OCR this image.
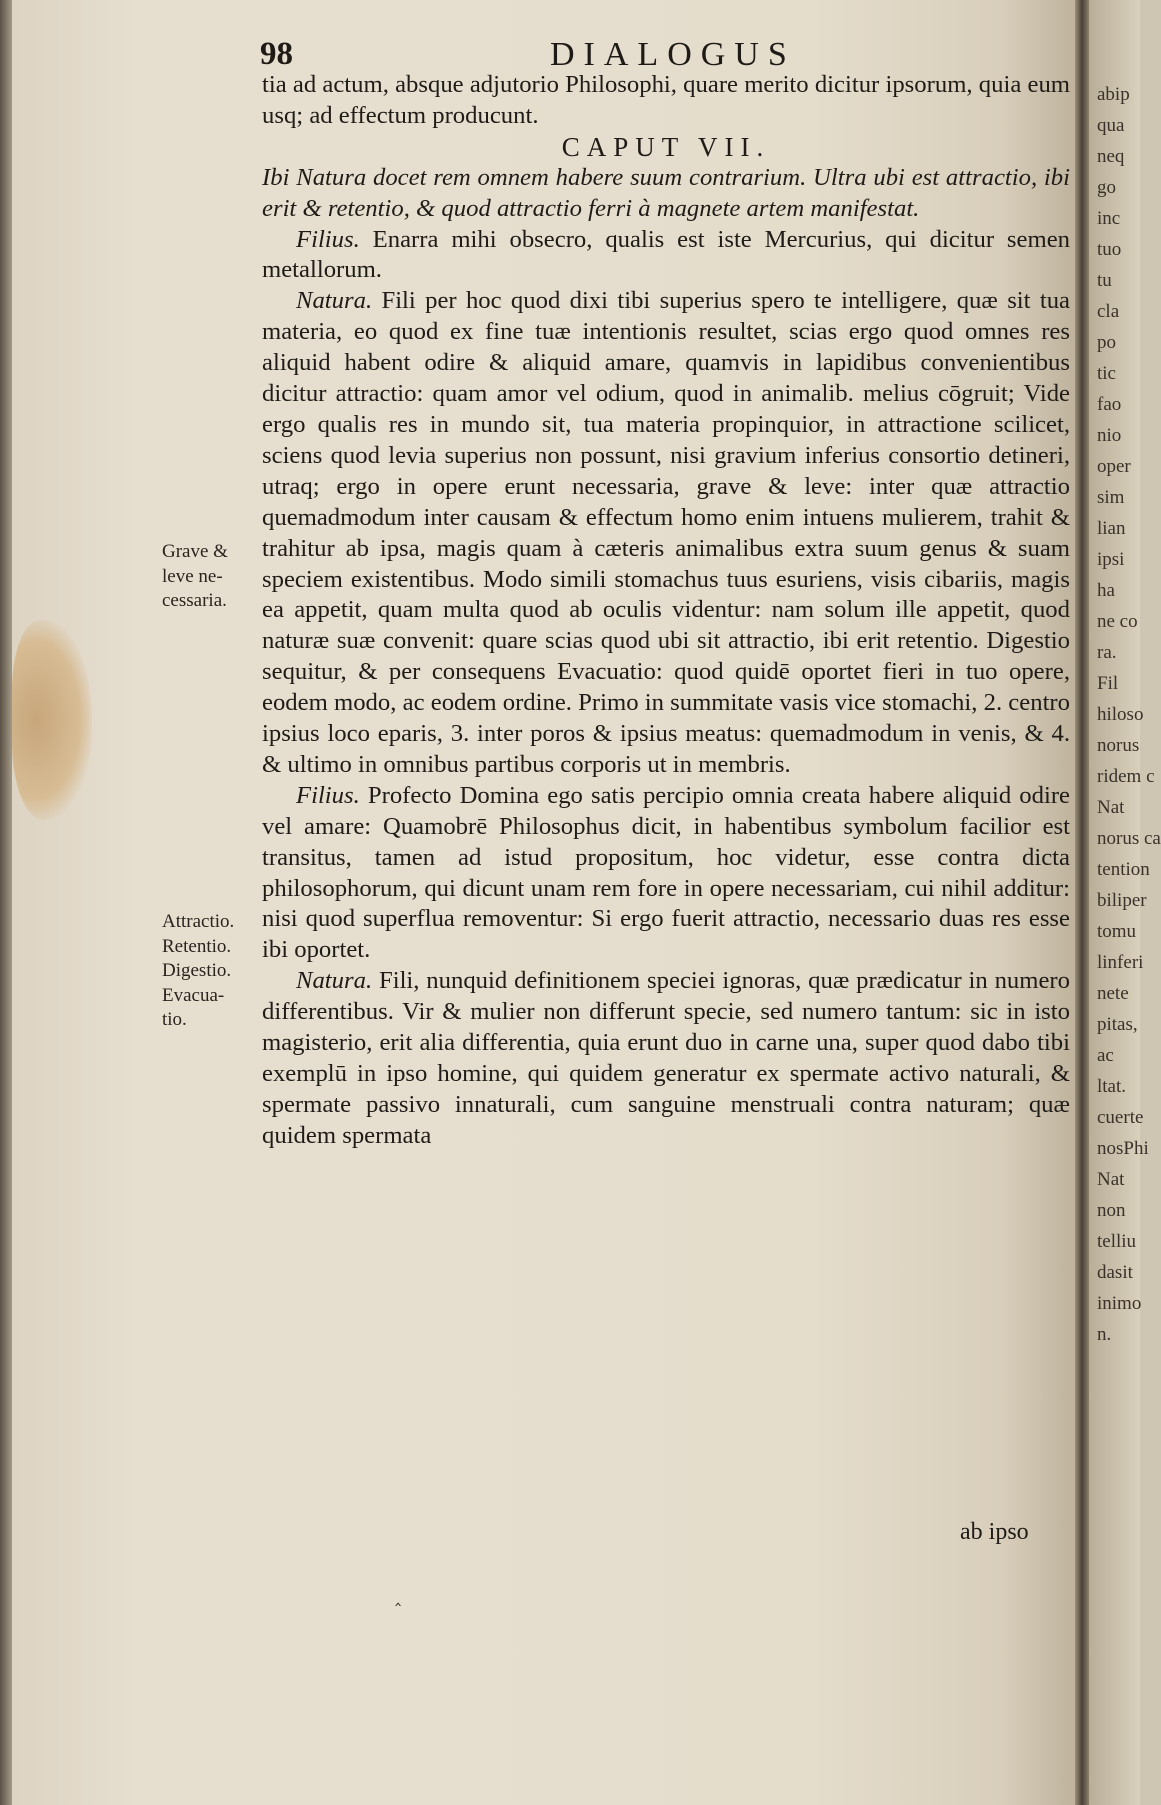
abip
qua
neq
go
inc
tuo
tu
cla
po
tic
fao
nio
oper
sim
lian
ipsi
ha
ne co
ra.
Fil
hiloso
norus
ridem c
Nat
norus ca
tention
biliper
tomu
linferi
nete
pitas,
ac
ltat.
cuerte
nosPhi
Nat
non
telliu
dasit
inimo
n.
98	DIALOGUS

tia ad actum, absque adjutorio Philosophi, quare merito dicitur ipsorum, quia eum usq; ad effectum producunt.

CAPUT VII.

Ibi Natura docet rem omnem habere suum contrarium. Ultra ubi est attractio, ibi erit & retentio, & quod attractio ferri à magnete artem manifestat.

Filius. Enarra mihi obsecro, qualis est iste Mercurius, qui dicitur semen metallorum.

Natura. Fili per hoc quod dixi tibi superius spero te intelligere, quæ sit tua materia, eo quod ex fine tuæ intentionis resultet, scias ergo quod omnes res aliquid habent odire & aliquid amare, quamvis in lapidibus convenientibus dicitur attractio: quam amor vel odium, quod in animalib. melius cōgruit; Vide ergo qualis res in mundo sit, tua materia propinquior, in attractione scilicet, sciens quod levia superius non possunt, nisi gravium inferius consortio detineri, utraq; ergo in opere erunt necessaria, grave & leve: inter quæ attractio quemadmodum inter causam & effectum homo enim intuens mulierem, trahit & trahitur ab ipsa, magis quam à cæteris animalibus extra suum genus & suam speciem existentibus. Modo simili stomachus tuus esuriens, visis cibariis, magis ea appetit, quam multa quod ab oculis videntur: nam solum ille appetit, quod naturæ suæ convenit: quare scias quod ubi sit attractio, ibi erit retentio. Digestio sequitur, & per consequens Evacuatio: quod quidē oportet fieri in tuo opere, eodem modo, ac eodem ordine. Primo in summitate vasis vice stomachi, 2. centro ipsius loco eparis, 3. inter poros & ipsius meatus: quemadmodum in venis, & 4. & ultimo in omnibus partibus corporis ut in membris.

Filius. Profecto Domina ego satis percipio omnia creata habere aliquid odire vel amare: Quamobrē Philosophus dicit, in habentibus symbolum facilior est transitus, tamen ad istud propositum, hoc videtur, esse contra dicta philosophorum, qui dicunt unam rem fore in opere necessariam, cui nihil additur: nisi quod superflua removentur: Si ergo fuerit attractio, necessario duas res esse ibi oportet.

Natura. Fili, nunquid definitionem speciei ignoras, quæ prædicatur in numero differentibus. Vir & mulier non differunt specie, sed numero tantum: sic in isto magisterio, erit alia differentia, quia erunt duo in carne una, super quod dabo tibi exemplū in ipso homine, qui quidem generatur ex spermate activo naturali, & spermate passivo innaturali, cum sanguine menstruali contra naturam; quæ quidem spermata

Grave &
leve ne-
cessaria.
Attractio.
Retentio.
Digestio.
Evacua-
tio.
ab ipso
‸
